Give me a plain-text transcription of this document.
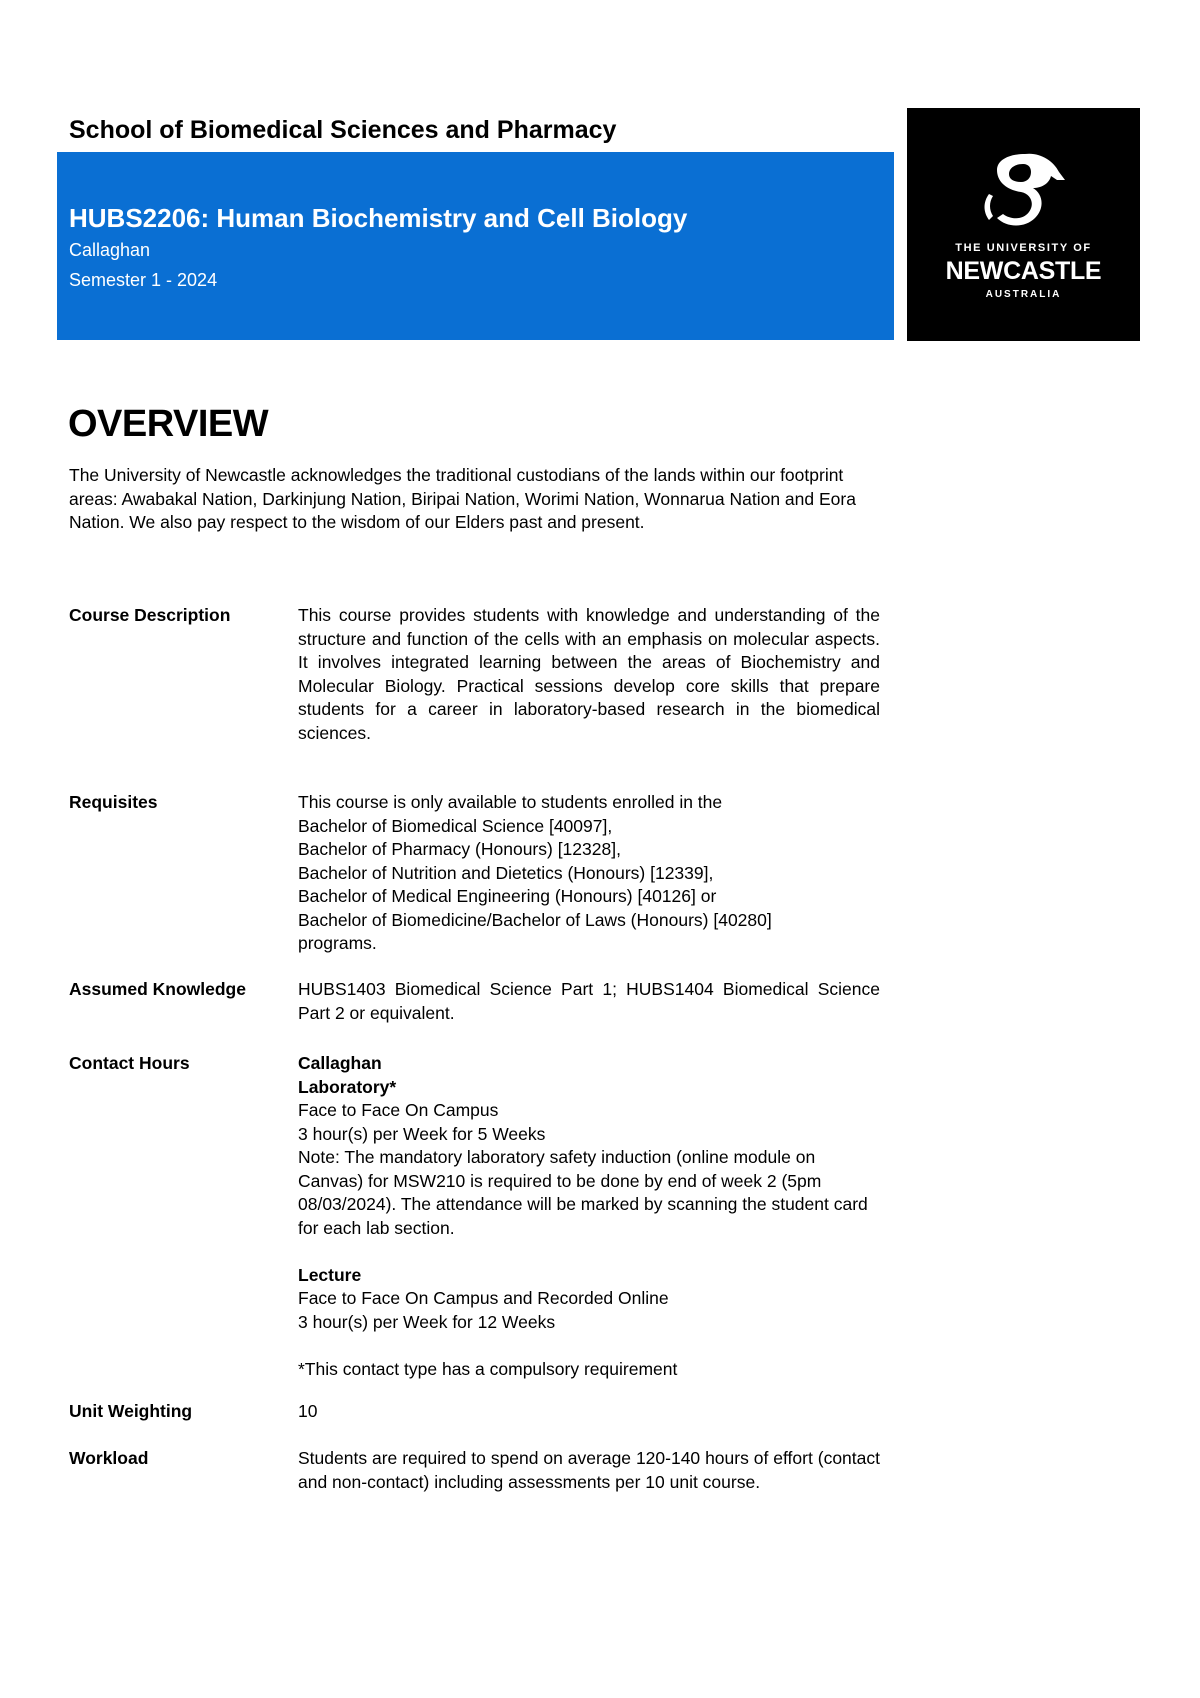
School of Biomedical Sciences and Pharmacy
HUBS2206: Human Biochemistry and Cell Biology
Callaghan
Semester 1 - 2024
THE UNIVERSITY OF
NEWCASTLE
AUSTRALIA
OVERVIEW

The University of Newcastle acknowledges the traditional custodians of the lands within our footprint areas: Awabakal Nation, Darkinjung Nation, Biripai Nation, Worimi Nation, Wonnarua Nation and Eora Nation. We also pay respect to the wisdom of our Elders past and present.

Course Description	This course provides students with knowledge and understanding of the structure and function of the cells with an emphasis on molecular aspects. It involves integrated learning between the areas of Biochemistry and Molecular Biology. Practical sessions develop core skills that prepare students for a career in laboratory-based research in the biomedical sciences.
Requisites	This course is only available to students enrolled in the
Bachelor of Biomedical Science [40097],
Bachelor of Pharmacy (Honours) [12328],
Bachelor of Nutrition and Dietetics (Honours) [12339],
Bachelor of Medical Engineering (Honours) [40126] or
Bachelor of Biomedicine/Bachelor of Laws (Honours) [40280]
programs.
Assumed Knowledge	HUBS1403 Biomedical Science Part 1; HUBS1404 Biomedical Science Part 2 or equivalent.
Contact Hours	Callaghan
Laboratory*
Face to Face On Campus
3 hour(s) per Week for 5 Weeks
Note: The mandatory laboratory safety induction (online module on Canvas) for MSW210 is required to be done by end of week 2 (5pm 08/03/2024). The attendance will be marked by scanning the student card for each lab section.
Lecture
Face to Face On Campus and Recorded Online
3 hour(s) per Week for 12 Weeks
*This contact type has a compulsory requirement
Unit Weighting	10
Workload	Students are required to spend on average 120-140 hours of effort (contact and non-contact) including assessments per 10 unit course.
